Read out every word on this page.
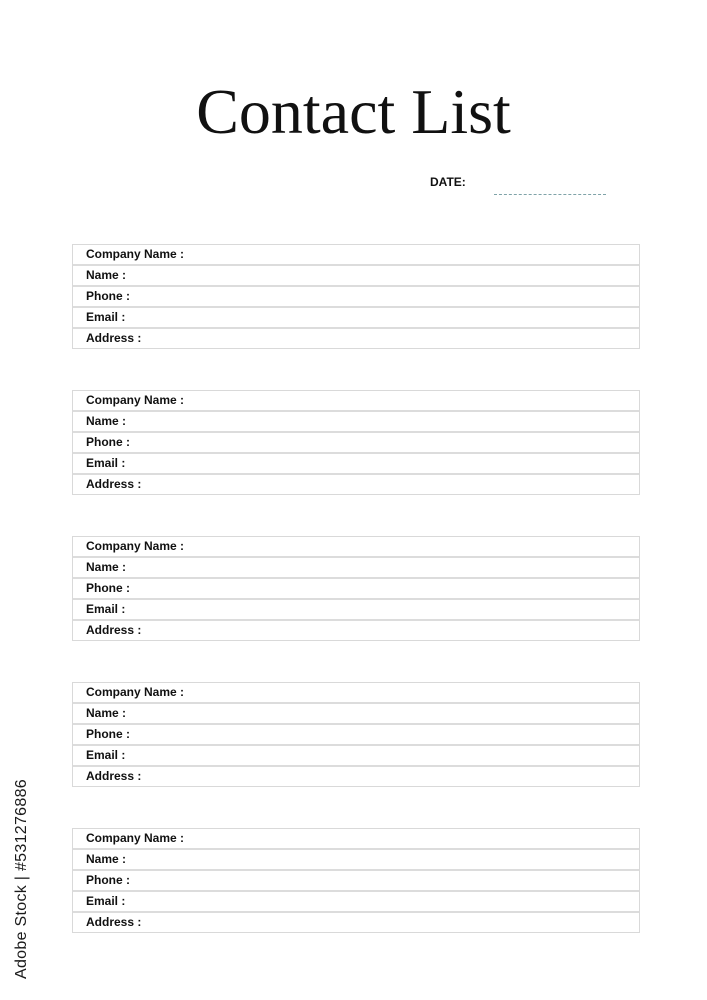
Contact List
DATE:
Company Name :
Name :
Phone :
Email :
Address :
Company Name :
Name :
Phone :
Email :
Address :
Company Name :
Name :
Phone :
Email :
Address :
Company Name :
Name :
Phone :
Email :
Address :
Company Name :
Name :
Phone :
Email :
Address :
Adobe Stock | #531276886
